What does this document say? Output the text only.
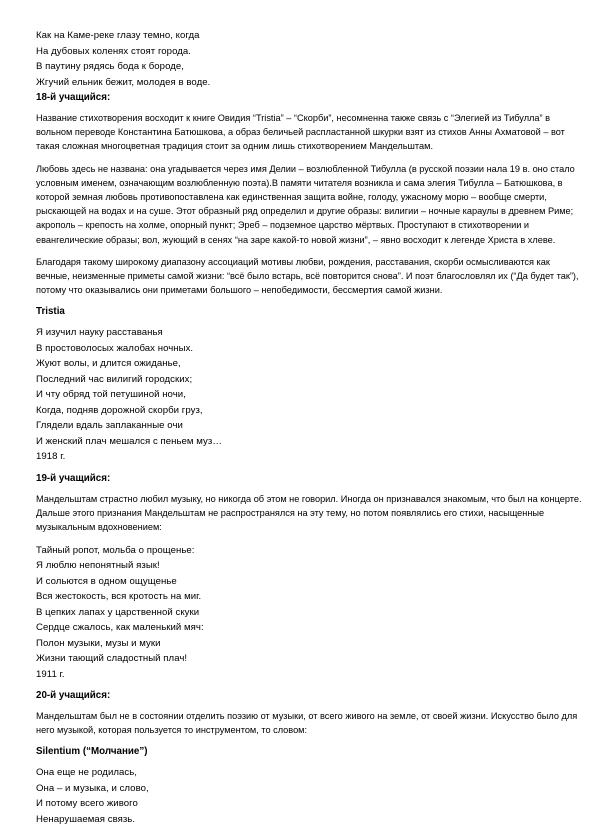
Как на Каме-реке глазу темно, когда
На дубовых коленях стоят города.
В паутину рядясь бода к бороде,
Жгучий ельник бежит, молодея в воде.
18-й учащийся:

Название стихотворения восходит к книге Овидия “Tristia” – “Скорби”, несомненна также связь с “Элегией из Тибулла” в вольном переводе Константина Батюшкова, а образ беличьей распластанной шкурки взят из стихов Анны Ахматовой – вот такая сложная многоцветная традиция стоит за одним лишь стихотворением Мандельштам.

Любовь здесь не названа: она угадывается через имя Делии – возлюбленной Тибулла (в русской поэзии нала 19 в. оно стало условным именем, означающим возлюбленную поэта).В памяти читателя возникла и сама элегия Тибулла – Батюшкова, в которой земная любовь противопоставлена как единственная защита войне, голоду, ужасному морю – вообще смерти, рыскающей на водах и на суше. Этот образный ряд определил и другие образы: вилигии – ночные караулы в древнем Риме; акрополь – крепость на холме, опорный пункт; Эреб – подземное царство мёртвых. Проступают в стихотворении и евангелические образы; вол, жующий в сенях “на заре какой-то новой жизни”, – явно восходит к легенде Христа в хлеве.

Благодаря такому широкому диапазону ассоциаций мотивы любви, рождения, расставания, скорби осмысливаются как вечные, неизменные приметы самой жизни: “всё было встарь, всё повторится снова”. И поэт благословлял их (“Да будет так”), потому что оказывались они приметами большого – непобедимости, бессмертия самой жизни.

Tristia
Я изучил науку расставанья
В простоволосых жалобах ночных.
Жуют волы, и длится ожиданье,
Последний час вилигий городских;
И чту обряд той петушиной ночи,
Когда, подняв дорожной скорби груз,
Глядели вдаль заплаканные очи
И женский плач мешался с пеньем муз…
1918 г.
19-й учащийся:

Мандельштам страстно любил музыку, но никогда об этом не говорил. Иногда он признавался знакомым, что был на концерте. Дальше этого признания Мандельштам не распространялся на эту тему, но потом появлялись его стихи, насыщенные музыкальным вдохновением:

Тайный ропот, мольба о прощенье:
Я люблю непонятный язык!
И сольются в одном ощущенье
Вся жестокость, вся кротость на миг.
В цепких лапах у царственной скуки
Сердце сжалось, как маленький мяч:
Полон музыки, музы и муки
Жизни тающий сладостный плач!
1911 г.
20-й учащийся:

Мандельштам был не в состоянии отделить поэзию от музыки, от всего живого на земле, от своей жизни. Искусство было для него музыкой, которая пользуется то инструментом, то словом:

Silentium (“Молчание”)
Она еще не родилась,
Она – и музыка, и слово,
И потому всего живого
Ненарушаемая связь.
